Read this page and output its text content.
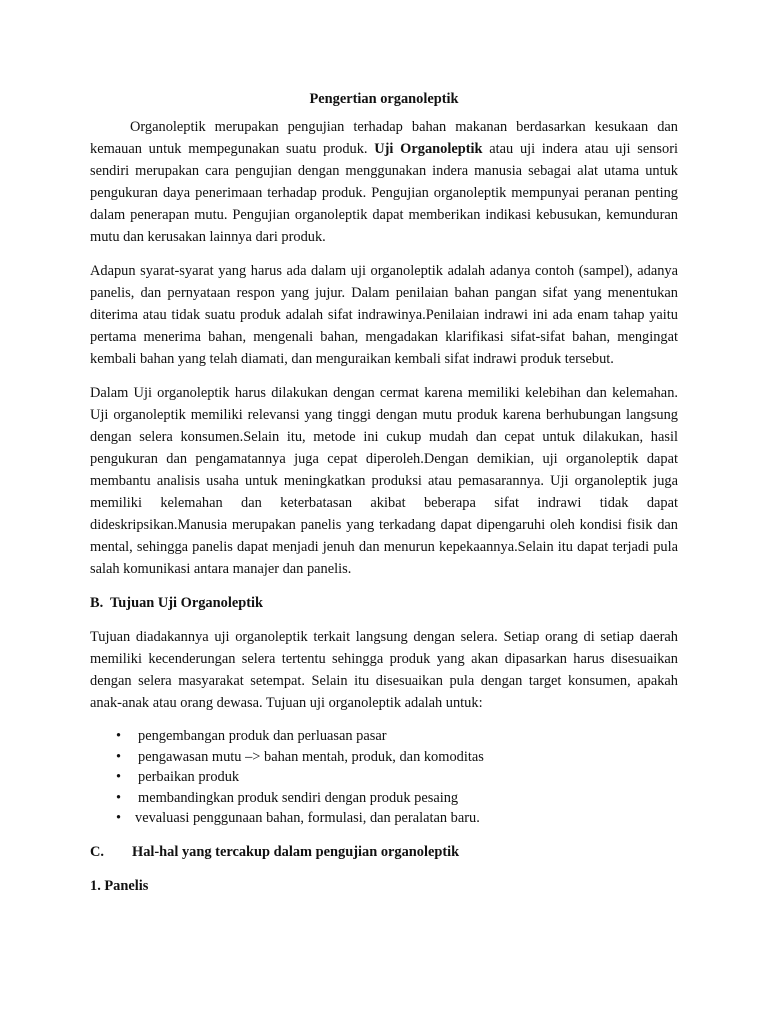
Pengertian organoleptik

Organoleptik merupakan pengujian terhadap bahan makanan berdasarkan kesukaan dan kemauan untuk mempegunakan suatu produk. Uji Organoleptik atau uji indera atau uji sensori sendiri merupakan cara pengujian dengan menggunakan indera manusia sebagai alat utama untuk pengukuran daya penerimaan terhadap produk. Pengujian organoleptik mempunyai peranan penting dalam penerapan mutu. Pengujian organoleptik dapat memberikan indikasi kebusukan, kemunduran mutu dan kerusakan lainnya dari produk.

Adapun syarat-syarat yang harus ada dalam uji organoleptik adalah adanya contoh (sampel), adanya panelis, dan pernyataan respon yang jujur. Dalam penilaian bahan pangan sifat yang menentukan diterima atau tidak suatu produk adalah sifat indrawinya.Penilaian indrawi ini ada enam tahap yaitu pertama menerima bahan, mengenali bahan, mengadakan klarifikasi sifat-sifat bahan, mengingat kembali bahan yang telah diamati, dan menguraikan kembali sifat indrawi produk tersebut.

Dalam Uji organoleptik harus dilakukan dengan cermat karena memiliki kelebihan dan kelemahan. Uji organoleptik memiliki relevansi yang tinggi dengan mutu produk karena berhubungan langsung dengan selera konsumen.Selain itu, metode ini cukup mudah dan cepat untuk dilakukan, hasil pengukuran dan pengamatannya juga cepat diperoleh.Dengan demikian, uji organoleptik dapat membantu analisis usaha untuk meningkatkan produksi atau pemasarannya. Uji organoleptik juga memiliki kelemahan dan keterbatasan akibat beberapa sifat indrawi tidak dapat dideskripsikan.Manusia merupakan panelis yang terkadang dapat dipengaruhi oleh kondisi fisik dan mental, sehingga panelis dapat menjadi jenuh dan menurun kepekaannya.Selain itu dapat terjadi pula salah komunikasi antara manajer dan panelis.

B. Tujuan Uji Organoleptik

Tujuan diadakannya uji organoleptik terkait langsung dengan selera. Setiap orang di setiap daerah memiliki kecenderungan selera tertentu sehingga produk yang akan dipasarkan harus disesuaikan dengan selera masyarakat setempat. Selain itu disesuaikan pula dengan target konsumen, apakah anak-anak atau orang dewasa. Tujuan uji organoleptik adalah untuk:

• pengembangan produk dan perluasan pasar
• pengawasan mutu –> bahan mentah, produk, dan komoditas
• perbaikan produk
• membandingkan produk sendiri dengan produk pesaing
• vevaluasi penggunaan bahan, formulasi, dan peralatan baru.
C. Hal-hal yang tercakup dalam pengujian organoleptik
1. Panelis
